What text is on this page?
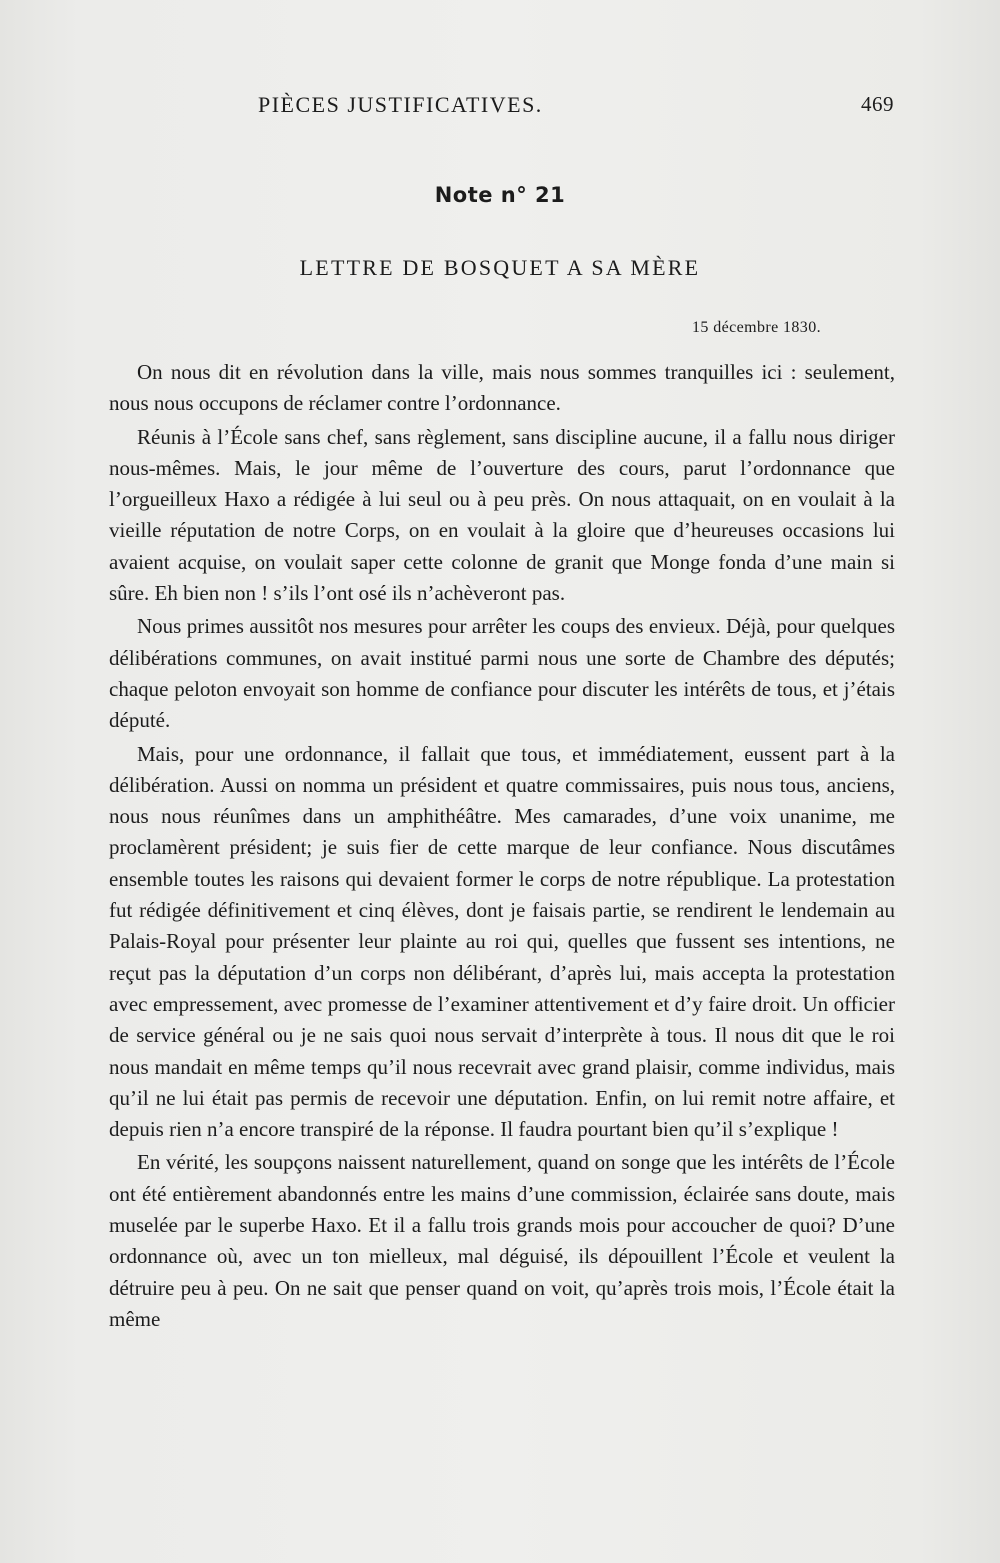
PIÈCES JUSTIFICATIVES.	469
Note n° 21
LETTRE DE BOSQUET A SA MÈRE
15 décembre 1830.

On nous dit en révolution dans la ville, mais nous sommes tranquilles ici : seulement, nous nous occupons de réclamer contre l’ordonnance.

Réunis à l’École sans chef, sans règlement, sans discipline aucune, il a fallu nous diriger nous-mêmes. Mais, le jour même de l’ouverture des cours, parut l’ordonnance que l’orgueilleux Haxo a rédigée à lui seul ou à peu près. On nous attaquait, on en voulait à la vieille réputation de notre Corps, on en voulait à la gloire que d’heureuses occasions lui avaient acquise, on voulait saper cette colonne de granit que Monge fonda d’une main si sûre. Eh bien non ! s’ils l’ont osé ils n’achèveront pas.

Nous primes aussitôt nos mesures pour arrêter les coups des envieux. Déjà, pour quelques délibérations communes, on avait institué parmi nous une sorte de Chambre des députés; chaque peloton envoyait son homme de confiance pour discuter les intérêts de tous, et j’étais député.

Mais, pour une ordonnance, il fallait que tous, et immédiatement, eussent part à la délibération. Aussi on nomma un président et quatre commissaires, puis nous tous, anciens, nous nous réunîmes dans un amphithéâtre. Mes camarades, d’une voix unanime, me proclamèrent président; je suis fier de cette marque de leur confiance. Nous discutâmes ensemble toutes les raisons qui devaient former le corps de notre république. La protestation fut rédigée définitivement et cinq élèves, dont je faisais partie, se rendirent le lendemain au Palais-Royal pour présenter leur plainte au roi qui, quelles que fussent ses intentions, ne reçut pas la députation d’un corps non délibérant, d’après lui, mais accepta la protestation avec empressement, avec promesse de l’examiner attentivement et d’y faire droit. Un officier de service général ou je ne sais quoi nous servait d’interprète à tous. Il nous dit que le roi nous mandait en même temps qu’il nous recevrait avec grand plaisir, comme individus, mais qu’il ne lui était pas permis de recevoir une députation. Enfin, on lui remit notre affaire, et depuis rien n’a encore transpiré de la réponse. Il faudra pourtant bien qu’il s’explique !

En vérité, les soupçons naissent naturellement, quand on songe que les intérêts de l’École ont été entièrement abandonnés entre les mains d’une commission, éclairée sans doute, mais muselée par le superbe Haxo. Et il a fallu trois grands mois pour accoucher de quoi? D’une ordonnance où, avec un ton mielleux, mal déguisé, ils dépouillent l’École et veulent la détruire peu à peu. On ne sait que penser quand on voit, qu’après trois mois, l’École était la même
